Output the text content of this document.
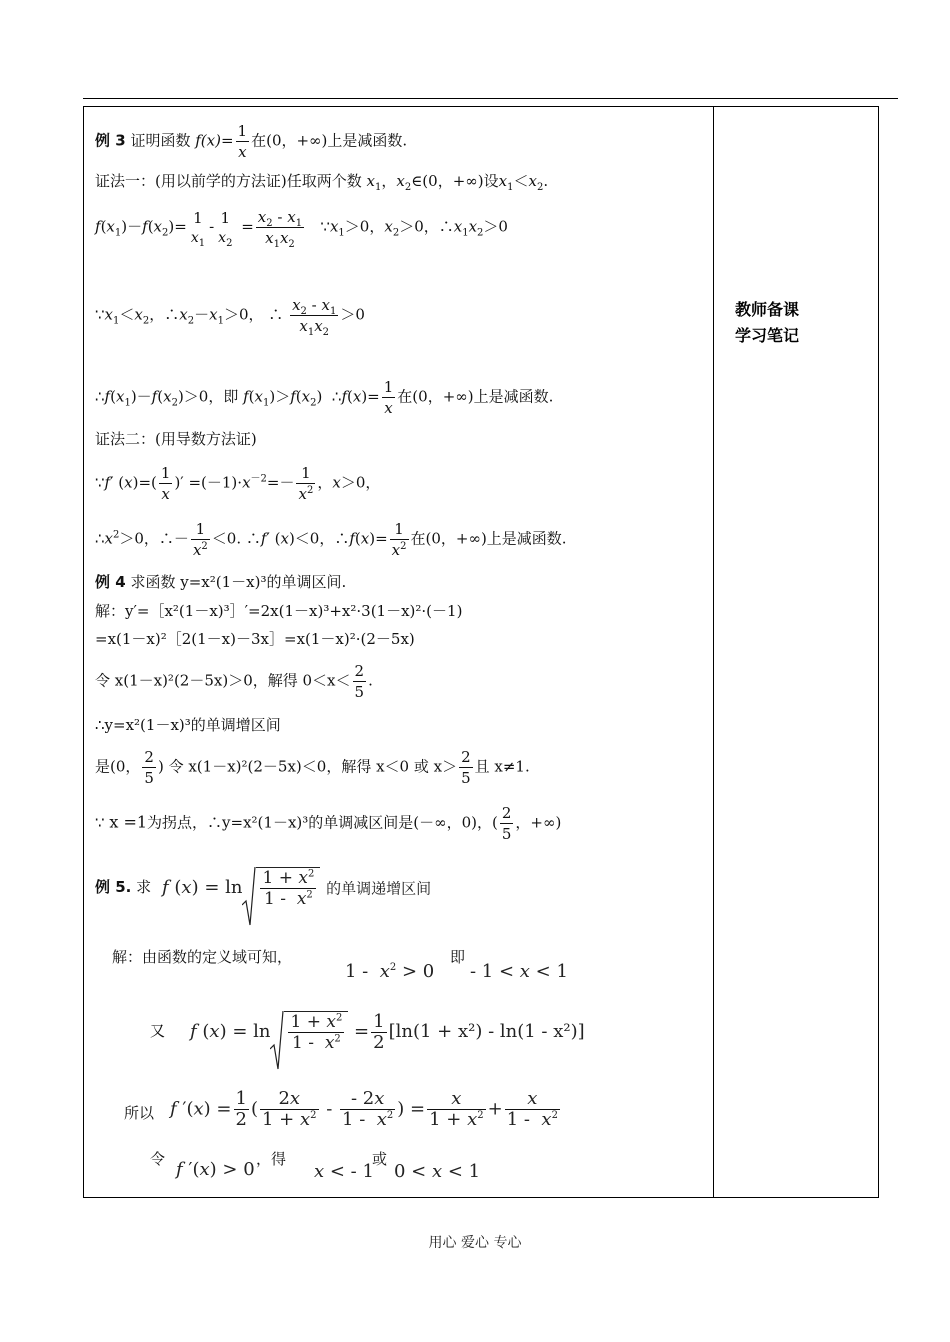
教师备课
学习笔记
例 3 证明函数 $f(x)= \frac{1}{x}$ 在(0，+∞)上是减函数.
证法一：(用以前学的方法证)任取两个数 $x_1$，$x_2\in(0$，+∞)设$x_1<x_2$.
$f(x_1)-f(x_2)= 1$
$x_1$
- 1
$x_2$
= $\frac{x_2 - x_1}{x_1x_2}$ $\because x_1>0$，$x_2>0$，$\therefore x_1x_2>0$
$\because x_1<x_2$，$\therefore x_2-x_1>0$， ∴ $\frac{x_2 - x_1}{x_1x_2} >0$
$\therefore f(x_1)-f(x_2)>0$，即 $f(x_1)>f(x_2)$  ∴f(x)= $\frac{1}{x}$ 在(0，+∞)上是减函数.
证法二：(用导数方法证)
∵f′ $(x)=( \frac{1}{x}$ )′ $=(-1)\cdot x^{-2}=- \frac{1}{x^2}$ ，x＞0，
$\therefore x^2>0$，∴－ $\frac{1}{x^2} <0$. ∴f′ (x)＜0，∴f(x)= $\frac{1}{x^2}$ 在(0，+∞)上是减函数.
例 4 求函数 y=x²(1－x)³的单调区间.
解：y′=［x²(1－x)³］′=2x(1－x)³+x²·3(1－x)²·(－1)
=x(1－x)²［2(1－x)－3x］=x(1－x)²·(2－5x)
令 x(1－x)²(2－5x)＞0，解得 $0<x< \frac{2}{5}$ .
∴y=x²(1－x)³的单调增区间
是(0， $\frac{2}{5}$ ) 令 x(1－x)²(2－5x)＜0，解得 x＜0 或 $x> \frac{2}{5}$ 且 x≠1.
∵ x =1为拐点，∴y=x²(1－x)³的单调减区间是(－∞，0)，( $\frac{2}{5}$ ，+∞)
例 5. 求 f $(x) = \ln \frac{1 + x^2}{1 - x^2}$ 的单调递增区间
解：由函数的定义域可知，
$1 - x^2 > 0$
即
- 1 < x < 1
又 f $(x) = \ln \frac{1 + x^2}{1 - x^2} = \frac{1}{2} [\ln(1 + x^2) - \ln(1 - x^2)]$
所以 f $'(x) = \frac{1}{2}$ ( $\frac{2x}{1 + x^2} - \frac{- 2x}{1 - x^2}$ ) = $\frac{x}{1 + x^2} + \frac{x}{1 - x^2}$
令 f ′(x) > 0 ，得
x < - 1
或
0 < x < 1
用心 爱心 专心
